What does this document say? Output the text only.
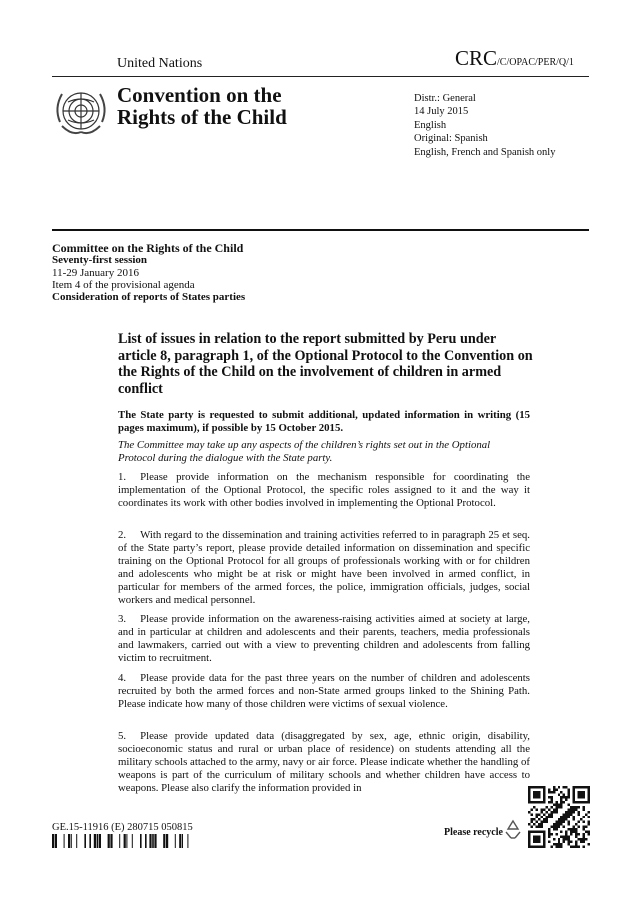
United Nations	CRC/C/OPAC/PER/Q/1
Convention on the
Rights of the Child
Distr.: General
14 July 2015
English
Original: Spanish
English, French and Spanish only
Committee on the Rights of the Child
Seventy-first session
11-29 January 2016
Item 4 of the provisional agenda
Consideration of reports of States parties
List of issues in relation to the report submitted by Peru under article 8, paragraph 1, of the Optional Protocol to the Convention on the Rights of the Child on the involvement of children in armed conflict
The State party is requested to submit additional, updated information in writing (15 pages maximum), if possible by 15 October 2015.
The Committee may take up any aspects of the children’s rights set out in the Optional Protocol during the dialogue with the State party.
1. Please provide information on the mechanism responsible for coordinating the implementation of the Optional Protocol, the specific roles assigned to it and the way it coordinates its work with other bodies involved in implementing the Optional Protocol.
2. With regard to the dissemination and training activities referred to in paragraph 25 et seq. of the State party’s report, please provide detailed information on dissemination and specific training on the Optional Protocol for all groups of professionals working with or for children and adolescents who might be at risk or might have been involved in armed conflict, in particular for members of the armed forces, the police, immigration officials, judges, social workers and medical personnel.
3. Please provide information on the awareness-raising activities aimed at society at large, and in particular at children and adolescents and their parents, teachers, media professionals and lawmakers, carried out with a view to preventing children and adolescents from falling victim to recruitment.
4. Please provide data for the past three years on the number of children and adolescents recruited by both the armed forces and non-State armed groups linked to the Shining Path. Please indicate how many of those children were victims of sexual violence.
5. Please provide updated data (disaggregated by sex, age, ethnic origin, disability, socioeconomic status and rural or urban place of residence) on students attending all the military schools attached to the army, navy or air force. Please indicate whether the handling of weapons is part of the curriculum of military schools and whether children have access to weapons. Please also clarify the information provided in
GE.15-11916 (E) 280715 050815	Please recycle
